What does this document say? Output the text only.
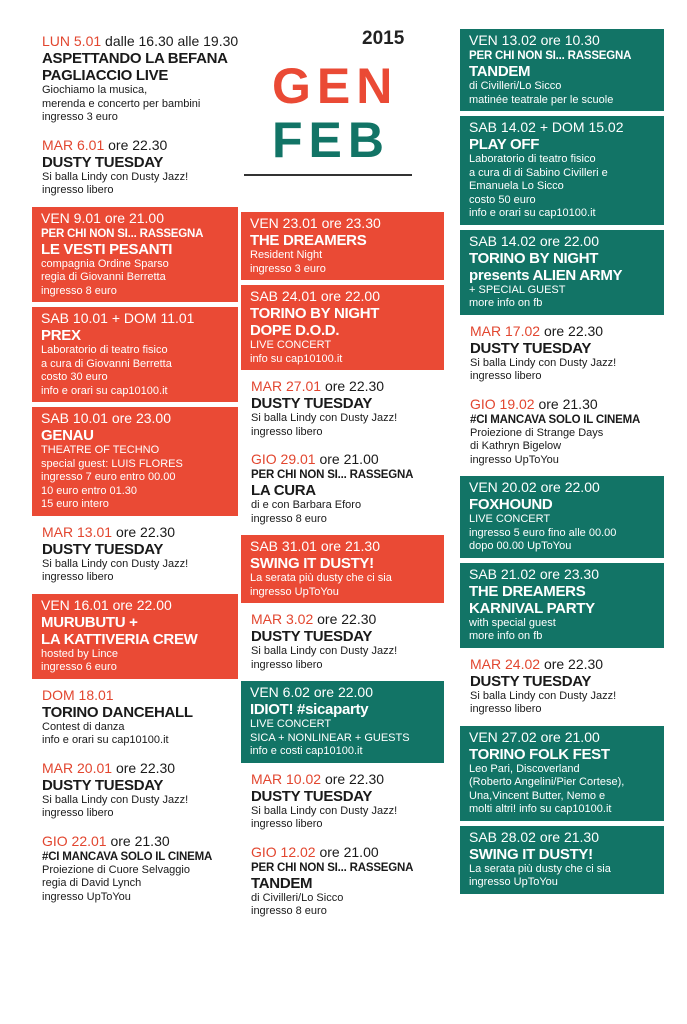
2015
GEN
FEB
LUN 5.01 dalle 16.30 alle 19.30
ASPETTANDO LA BEFANA
PAGLIACCIO LIVE
Giochiamo la musica,
merenda e concerto per bambini
ingresso 3 euro
MAR 6.01 ore 22.30
DUSTY TUESDAY
Si balla Lindy con Dusty Jazz!
ingresso libero
VEN 9.01 ore 21.00
PER CHI NON SI... RASSEGNA
LE VESTI PESANTI
compagnia Ordine Sparso
regia di Giovanni Berretta
ingresso 8 euro
SAB 10.01 + DOM 11.01
PREX
Laboratorio di teatro fisico
a cura di Giovanni Berretta
costo 30 euro
info e orari su cap10100.it
SAB 10.01 ore 23.00
GENAU
THEATRE OF TECHNO
special guest: LUIS FLORES
ingresso 7 euro entro 00.00
10 euro entro 01.30
15 euro intero
MAR 13.01 ore 22.30
DUSTY TUESDAY
Si balla Lindy con Dusty Jazz!
ingresso libero
VEN 16.01 ore 22.00
MURUBUTU +
LA KATTIVERIA CREW
hosted by Lince
ingresso 6 euro
DOM 18.01
TORINO DANCEHALL
Contest di danza
info e orari su cap10100.it
MAR 20.01 ore 22.30
DUSTY TUESDAY
Si balla Lindy con Dusty Jazz!
ingresso libero
GIO 22.01 ore 21.30
#CI MANCAVA SOLO IL CINEMA
Proiezione di Cuore Selvaggio
regia di David Lynch
ingresso UpToYou
VEN 23.01 ore 23.30
THE DREAMERS
Resident Night
ingresso 3 euro
SAB 24.01 ore 22.00
TORINO BY NIGHT
DOPE D.O.D.
LIVE CONCERT
info su cap10100.it
MAR 27.01 ore 22.30
DUSTY TUESDAY
Si balla Lindy con Dusty Jazz!
ingresso libero
GIO 29.01 ore 21.00
PER CHI NON SI... RASSEGNA
LA CURA
di e con Barbara Eforo
ingresso 8 euro
SAB 31.01 ore 21.30
SWING IT DUSTY!
La serata più dusty che ci sia
ingresso UpToYou
MAR 3.02 ore 22.30
DUSTY TUESDAY
Si balla Lindy con Dusty Jazz!
ingresso libero
VEN 6.02 ore 22.00
IDIOT! #sicaparty
LIVE CONCERT
SICA + NONLINEAR + GUESTS
info e costi cap10100.it
MAR 10.02 ore 22.30
DUSTY TUESDAY
Si balla Lindy con Dusty Jazz!
ingresso libero
GIO 12.02 ore 21.00
PER CHI NON SI... RASSEGNA
TANDEM
di Civilleri/Lo Sicco
ingresso 8 euro
VEN 13.02 ore 10.30
PER CHI NON SI... RASSEGNA
TANDEM
di Civilleri/Lo Sicco
matinée teatrale per le scuole
SAB 14.02 + DOM 15.02
PLAY OFF
Laboratorio di teatro fisico
a cura di di Sabino Civilleri e
Emanuela Lo Sicco
costo 50 euro
info e orari su cap10100.it
SAB 14.02 ore 22.00
TORINO BY NIGHT
presents ALIEN ARMY
+ SPECIAL GUEST
more info on fb
MAR 17.02 ore 22.30
DUSTY TUESDAY
Si balla Lindy con Dusty Jazz!
ingresso libero
GIO 19.02 ore 21.30
#CI MANCAVA SOLO IL CINEMA
Proiezione di Strange Days
di Kathryn Bigelow
ingresso UpToYou
VEN 20.02 ore 22.00
FOXHOUND
LIVE CONCERT
ingresso 5 euro fino alle 00.00
dopo 00.00 UpToYou
SAB 21.02 ore 23.30
THE DREAMERS
KARNIVAL PARTY
with special guest
more info on fb
MAR 24.02 ore 22.30
DUSTY TUESDAY
Si balla Lindy con Dusty Jazz!
ingresso libero
VEN 27.02 ore 21.00
TORINO FOLK FEST
Leo Pari, Discoverland
(Roberto Angelini/Pier Cortese),
Una,Vincent Butter, Nemo e
molti altri! info su cap10100.it
SAB 28.02 ore 21.30
SWING IT DUSTY!
La serata più dusty che ci sia
ingresso UpToYou
